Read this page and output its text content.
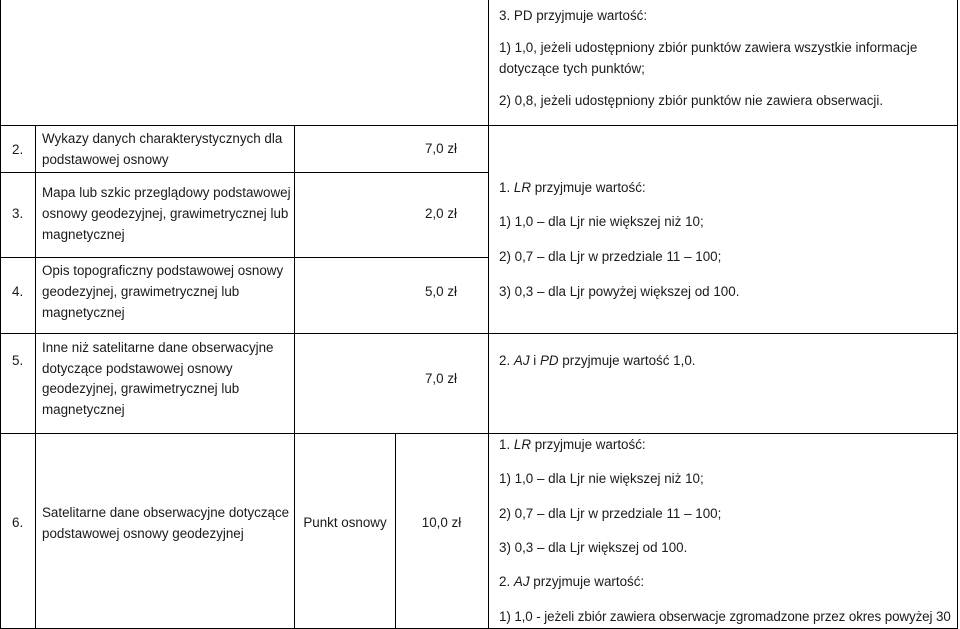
3. PD przyjmuje wartość:
1) 1,0, jeżeli udostępniony zbiór punktów zawiera wszystkie informacje
dotyczące tych punktów;
2) 0,8, jeżeli udostępniony zbiór punktów nie zawiera obserwacji.
2.
Wykazy danych charakterystycznych dla
podstawowej osnowy
7,0 zł
3.
Mapa lub szkic przeglądowy podstawowej
osnowy geodezyjnej, grawimetrycznej lub
magnetycznej
2,0 zł
4.
Opis topograficzny podstawowej osnowy
geodezyjnej, grawimetrycznej lub
magnetycznej
5,0 zł
1. LR przyjmuje wartość:
1) 1,0 – dla Ljr nie większej niż 10;
2) 0,7 – dla Ljr w przedziale 11 – 100;
3) 0,3 – dla Ljr powyżej większej od 100.
5.
Inne niż satelitarne dane obserwacyjne
dotyczące podstawowej osnowy
geodezyjnej, grawimetrycznej lub
magnetycznej
7,0 zł
2. AJ i PD przyjmuje wartość 1,0.
6.
Satelitarne dane obserwacyjne dotyczące
podstawowej osnowy geodezyjnej
Punkt osnowy	10,0 zł
1. LR przyjmuje wartość:
1) 1,0 – dla Ljr nie większej niż 10;
2) 0,7 – dla Ljr w przedziale 11 – 100;
3) 0,3 – dla Ljr większej od 100.
2. AJ przyjmuje wartość:
1) 1,0 - jeżeli zbiór zawiera obserwacje zgromadzone przez okres powyżej 30
